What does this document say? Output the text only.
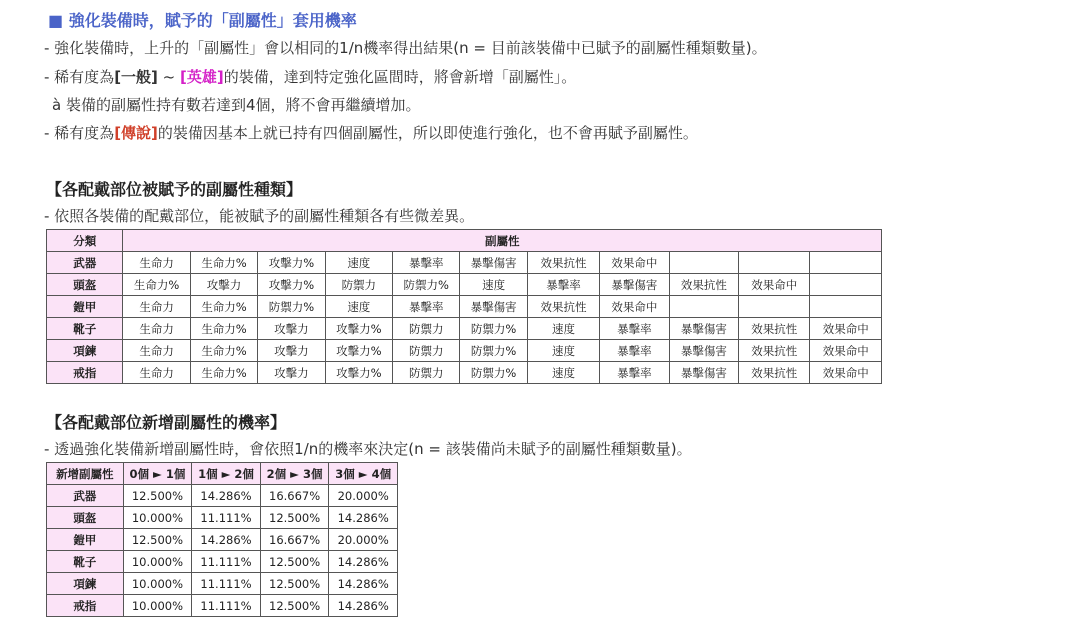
■ 強化裝備時，賦予的「副屬性」套用機率
- 強化裝備時，上升的「副屬性」會以相同的1/n機率得出結果(n = 目前該裝備中已賦予的副屬性種類數量)。
- 稀有度為[一般] ~ [英雄]的裝備，達到特定強化區間時，將會新增「副屬性」。
à 裝備的副屬性持有數若達到4個，將不會再繼續增加。
- 稀有度為[傳說]的裝備因基本上就已持有四個副屬性，所以即使進行強化，也不會再賦予副屬性。
【各配戴部位被賦予的副屬性種類】
- 依照各裝備的配戴部位，能被賦予的副屬性種類各有些微差異。
分類	副屬性										
武器	生命力	生命力%	攻擊力%	速度	暴擊率	暴擊傷害	效果抗性	效果命中			
頭盔	生命力%	攻擊力	攻擊力%	防禦力	防禦力%	速度	暴擊率	暴擊傷害	效果抗性	效果命中	
鎧甲	生命力	生命力%	防禦力%	速度	暴擊率	暴擊傷害	效果抗性	效果命中			
靴子	生命力	生命力%	攻擊力	攻擊力%	防禦力	防禦力%	速度	暴擊率	暴擊傷害	效果抗性	效果命中
項鍊	生命力	生命力%	攻擊力	攻擊力%	防禦力	防禦力%	速度	暴擊率	暴擊傷害	效果抗性	效果命中
戒指	生命力	生命力%	攻擊力	攻擊力%	防禦力	防禦力%	速度	暴擊率	暴擊傷害	效果抗性	效果命中
【各配戴部位新增副屬性的機率】
- 透過強化裝備新增副屬性時，會依照1/n的機率來決定(n = 該裝備尚未賦予的副屬性種類數量)。
新增副屬性	0個 ► 1個	1個 ► 2個	2個 ► 3個	3個 ► 4個
武器	12.500%	14.286%	16.667%	20.000%
頭盔	10.000%	11.111%	12.500%	14.286%
鎧甲	12.500%	14.286%	16.667%	20.000%
靴子	10.000%	11.111%	12.500%	14.286%
項鍊	10.000%	11.111%	12.500%	14.286%
戒指	10.000%	11.111%	12.500%	14.286%
